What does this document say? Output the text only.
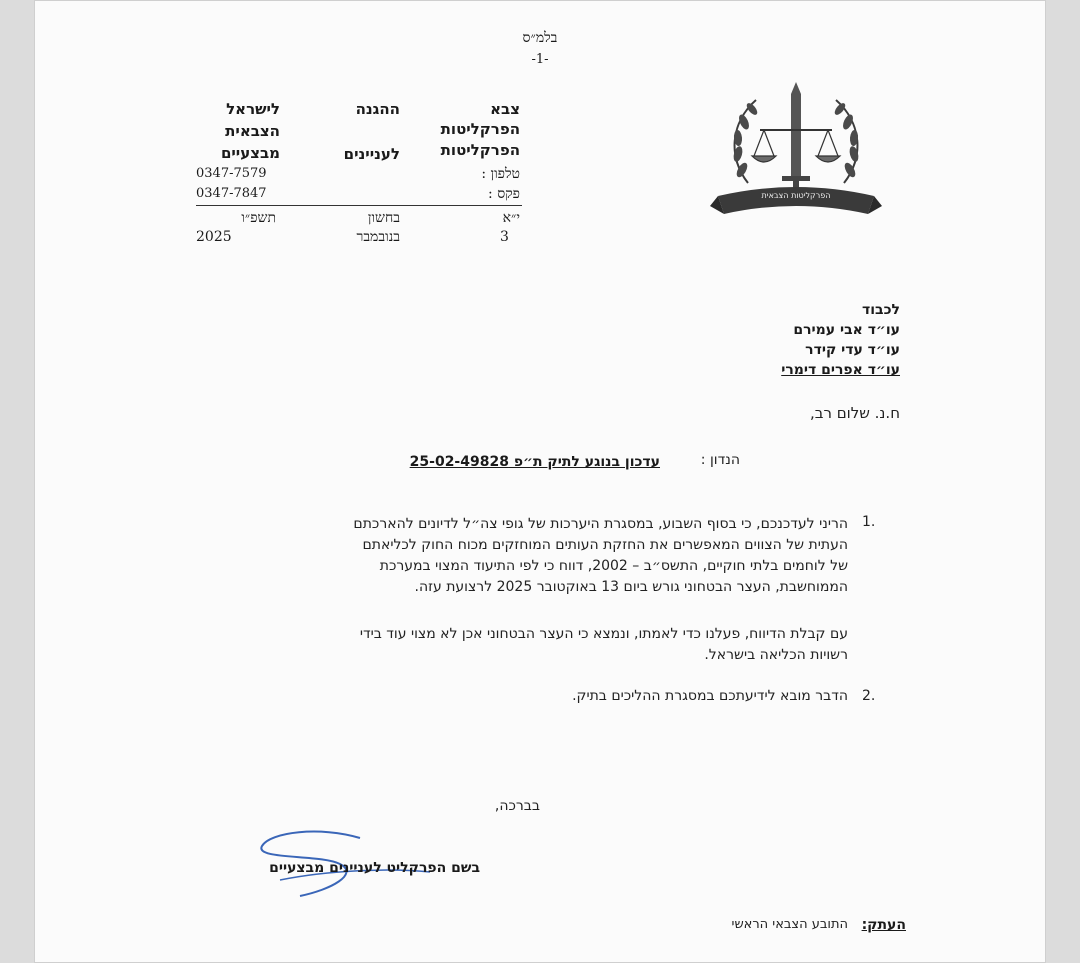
בלמ״ס
-1-
צבא
הפרקליטות
הפרקליטות
ההגנה
לעניינים
לישראל
הצבאית
מבצעיים
טלפון :
0347-7579
פקס :
0347-7847
י״א
בחשון
תשפ״ו
3
בנובמבר
2025
הפרקליטות הצבאית
לכבוד
עו״ד אבי עמירם
עו״ד עדי קידר
עו״ד אפרים דימרי
ח.נ. שלום רב,
הנדון :
עדכון בנוגע לתיק ת״פ 25-02-49828
1.
הריני לעדכנכם, כי בסוף השבוע, במסגרת היערכות של גופי צה״ל לדיונים להארכתם
העתית של הצווים המאפשרים את החזקת העותים המוחזקים מכוח החוק לכליאתם
של לוחמים בלתי חוקיים, התשס״ב – 2002, דווח כי לפי התיעוד המצוי במערכת
הממוחשבת, העצר הבטחוני גורש ביום 13 באוקטובר 2025 לרצועת עזה.
עם קבלת הדיווח, פעלנו כדי לאמתו, ונמצא כי העצר הבטחוני אכן לא מצוי עוד בידי
רשויות הכליאה בישראל.
2.
הדבר מובא לידיעתכם במסגרת ההליכים בתיק.
בברכה,
בשם הפרקליט לעניינים מבצעיים
העתק:
התובע הצבאי הראשי
